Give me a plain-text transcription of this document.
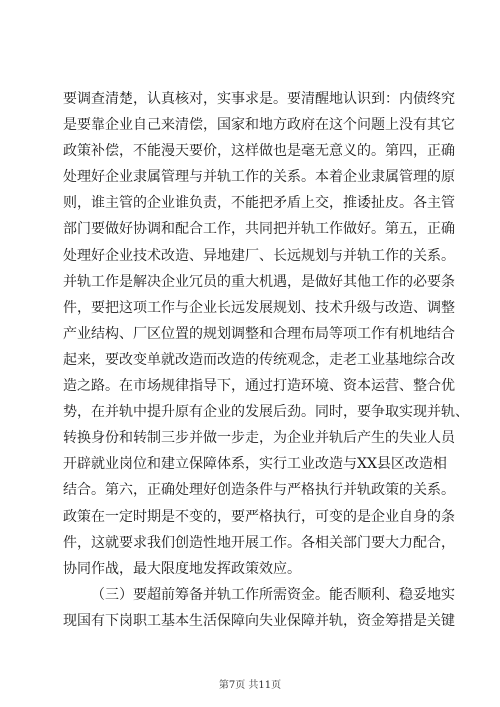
要调查清楚，认真核对，实事求是。要清醒地认识到：内债终究
是要靠企业自己来清偿，国家和地方政府在这个问题上没有其它
政策补偿，不能漫天要价，这样做也是毫无意义的。第四，正确
处理好企业隶属管理与并轨工作的关系。本着企业隶属管理的原
则，谁主管的企业谁负责，不能把矛盾上交，推诿扯皮。各主管
部门要做好协调和配合工作，共同把并轨工作做好。第五，正确
处理好企业技术改造、异地建厂、长远规划与并轨工作的关系。
并轨工作是解决企业冗员的重大机遇，是做好其他工作的必要条
件，要把这项工作与企业长远发展规划、技术升级与改造、调整
产业结构、厂区位置的规划调整和合理布局等项工作有机地结合
起来，要改变单就改造而改造的传统观念，走老工业基地综合改
造之路。在市场规律指导下，通过打造环境、资本运营、整合优
势，在并轨中提升原有企业的发展后劲。同时，要争取实现并轨、
转换身份和转制三步并做一步走，为企业并轨后产生的失业人员
开辟就业岗位和建立保障体系，实行工业改造与XX县区改造相
结合。第六，正确处理好创造条件与严格执行并轨政策的关系。
政策在一定时期是不变的，要严格执行，可变的是企业自身的条
件，这就要求我们创造性地开展工作。各相关部门要大力配合，
协同作战，最大限度地发挥政策效应。
（三）要超前筹备并轨工作所需资金。能否顺利、稳妥地实
现国有下岗职工基本生活保障向失业保障并轨，资金筹措是关键
第7页 共11页
